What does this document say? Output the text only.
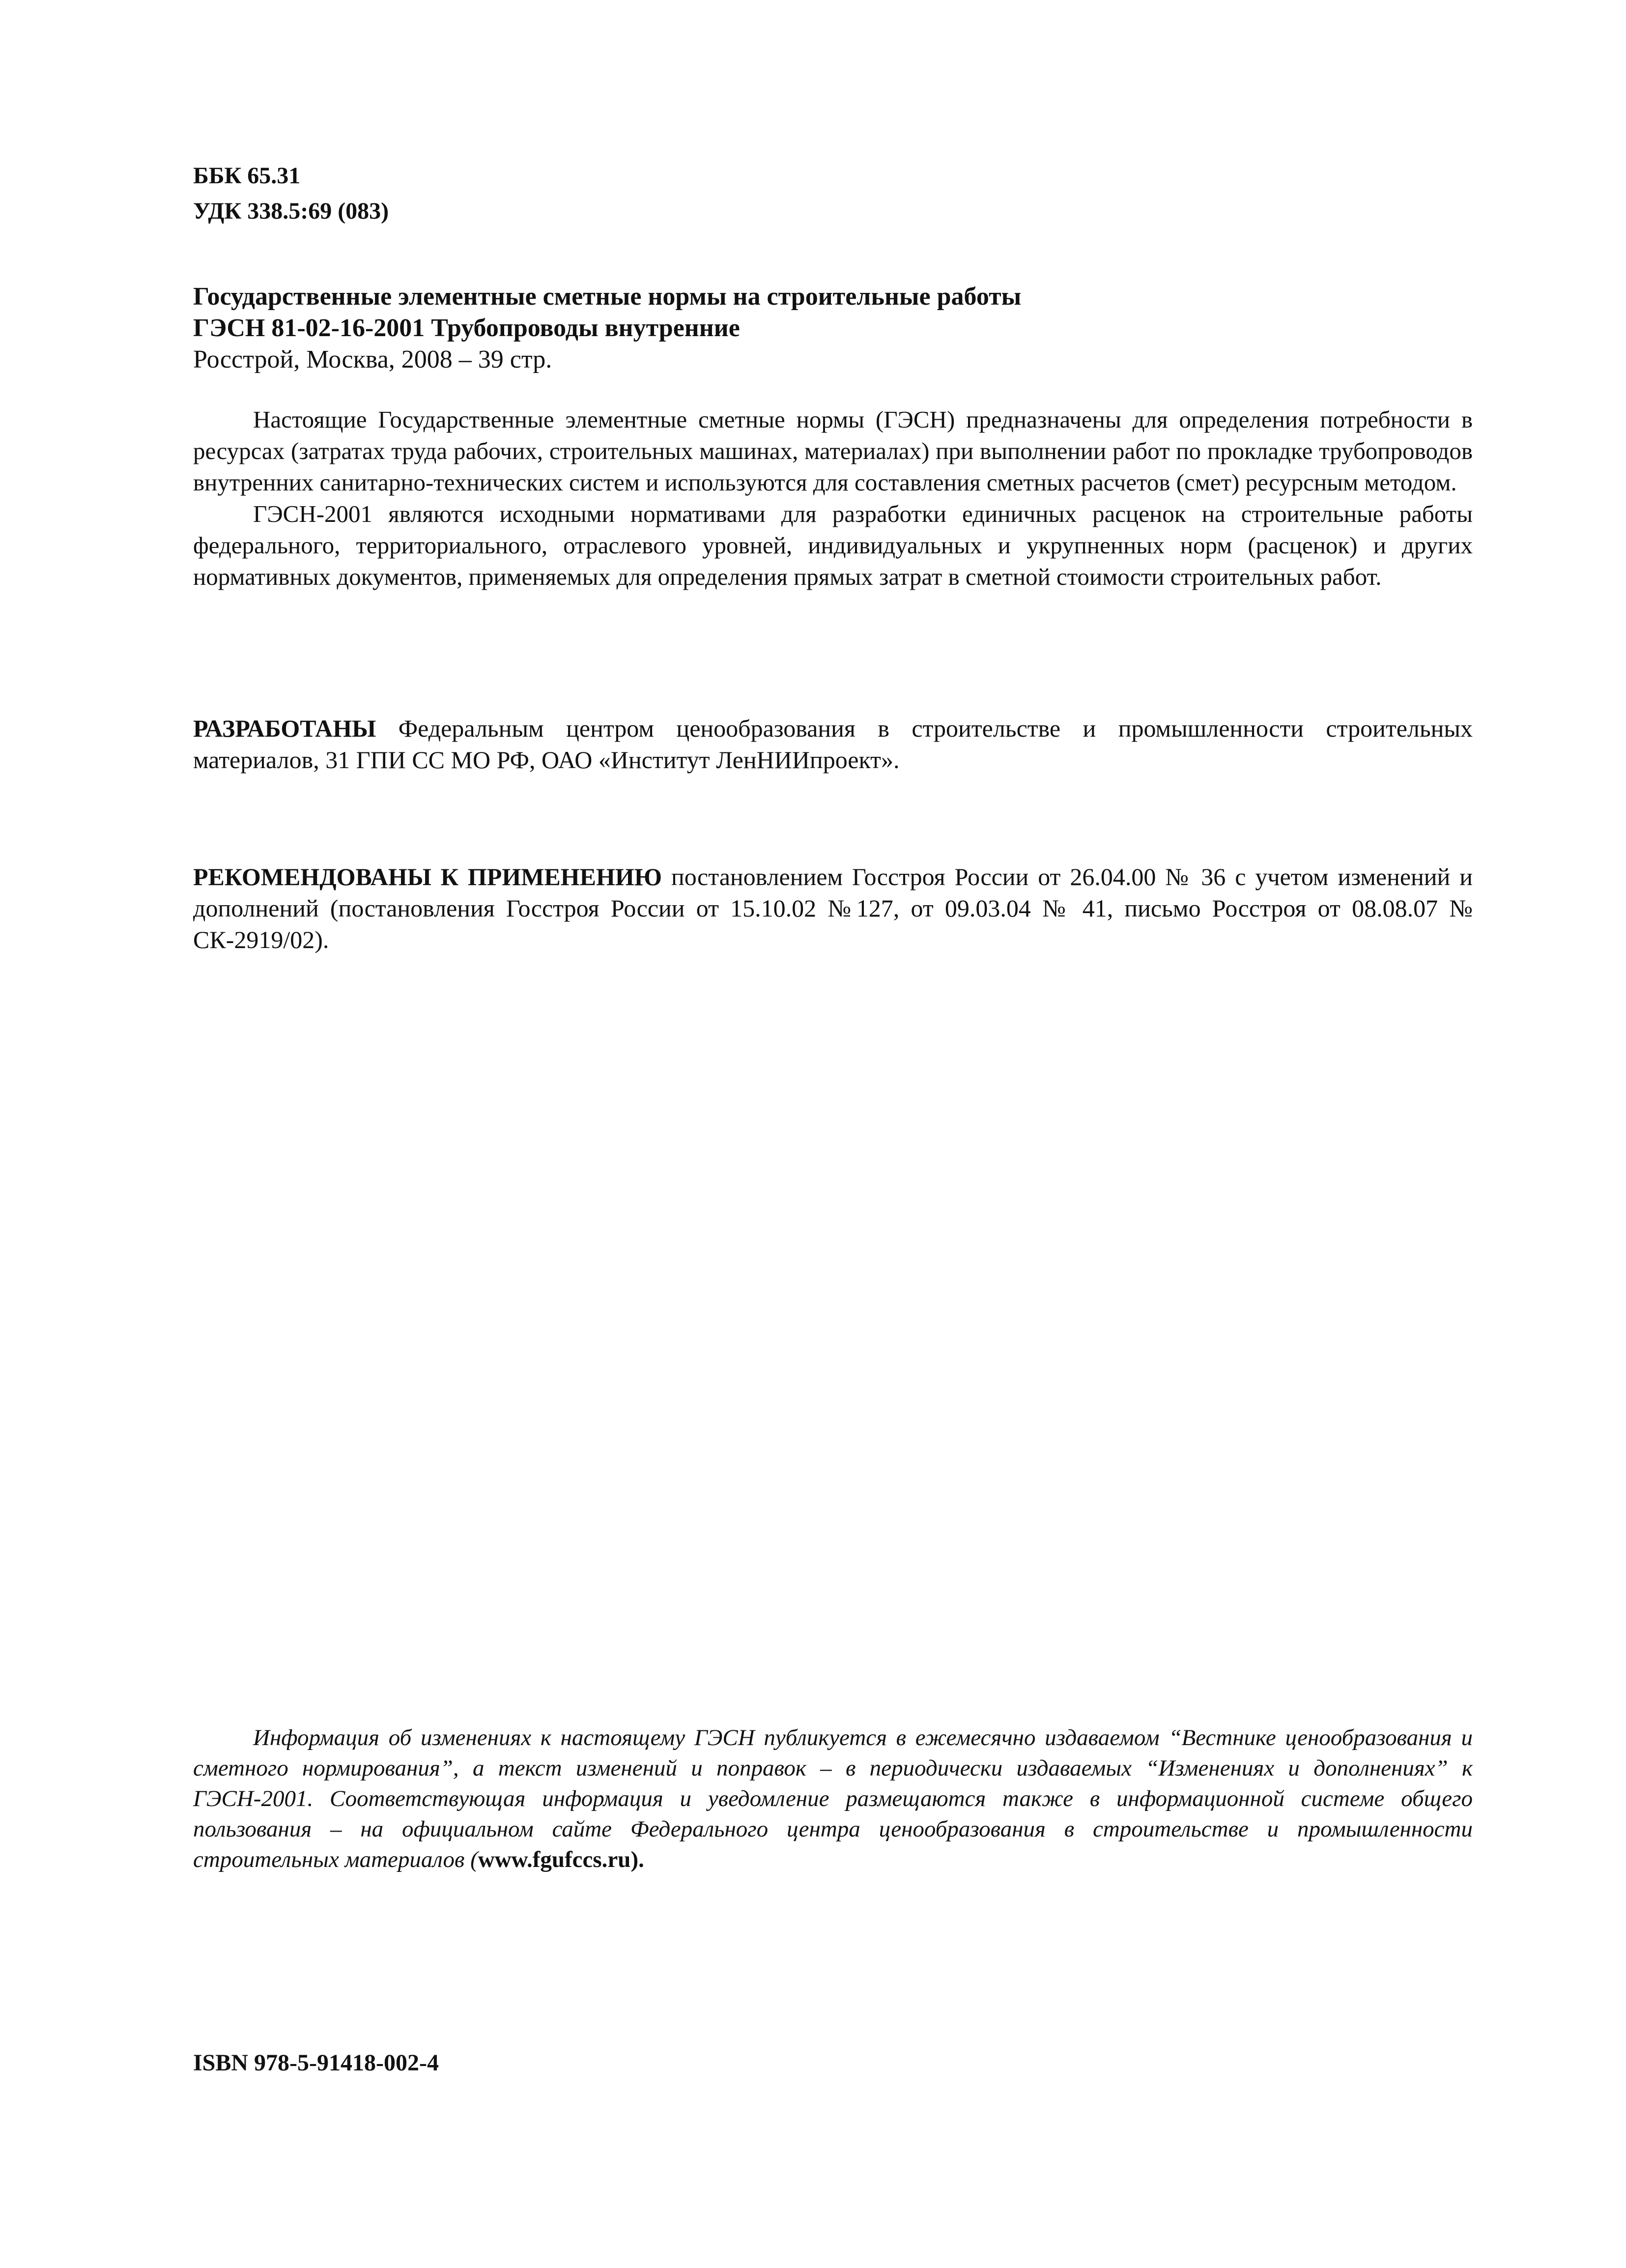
ББК 65.31
УДК 338.5:69 (083)
Государственные элементные сметные нормы на строительные работы
ГЭСН 81-02-16-2001 Трубопроводы внутренние
Росстрой, Москва, 2008 – 39 стр.

Настоящие Государственные элементные сметные нормы (ГЭСН) предназначены для определения потребности в ресурсах (затратах труда рабочих, строительных машинах, материалах) при выполнении работ по прокладке трубопроводов внутренних санитарно-технических систем и используются для составления сметных расчетов (смет) ресурсным методом.

ГЭСН-2001 являются исходными нормативами для разработки единичных расценок на строительные работы федерального, территориального, отраслевого уровней, индивидуальных и укрупненных норм (расценок) и других нормативных документов, применяемых для определения прямых затрат в сметной стоимости строительных работ.

РАЗРАБОТАНЫ Федеральным центром ценообразования в строительстве и промышленности строительных материалов, 31 ГПИ СС МО РФ, ОАО «Институт ЛенНИИпроект».
РЕКОМЕНДОВАНЫ К ПРИМЕНЕНИЮ постановлением Госстроя России от 26.04.00 № 36 с учетом изменений и дополнений (постановления Госстроя России от 15.10.02 №127, от 09.03.04 № 41, письмо Росстроя от 08.08.07 № СК-2919/02).

Информация об изменениях к настоящему ГЭСН публикуется в ежемесячно издаваемом “Вестнике ценообразования и сметного нормирования”, а текст изменений и поправок – в периодически издаваемых “Изменениях и дополнениях” к ГЭСН-2001. Соответствующая информация и уведомление размещаются также в информационной системе общего пользования – на официальном сайте Федерального центра ценообразования в строительстве и промышленности строительных материалов (www.fgufccs.ru).

ISBN 978-5-91418-002-4
